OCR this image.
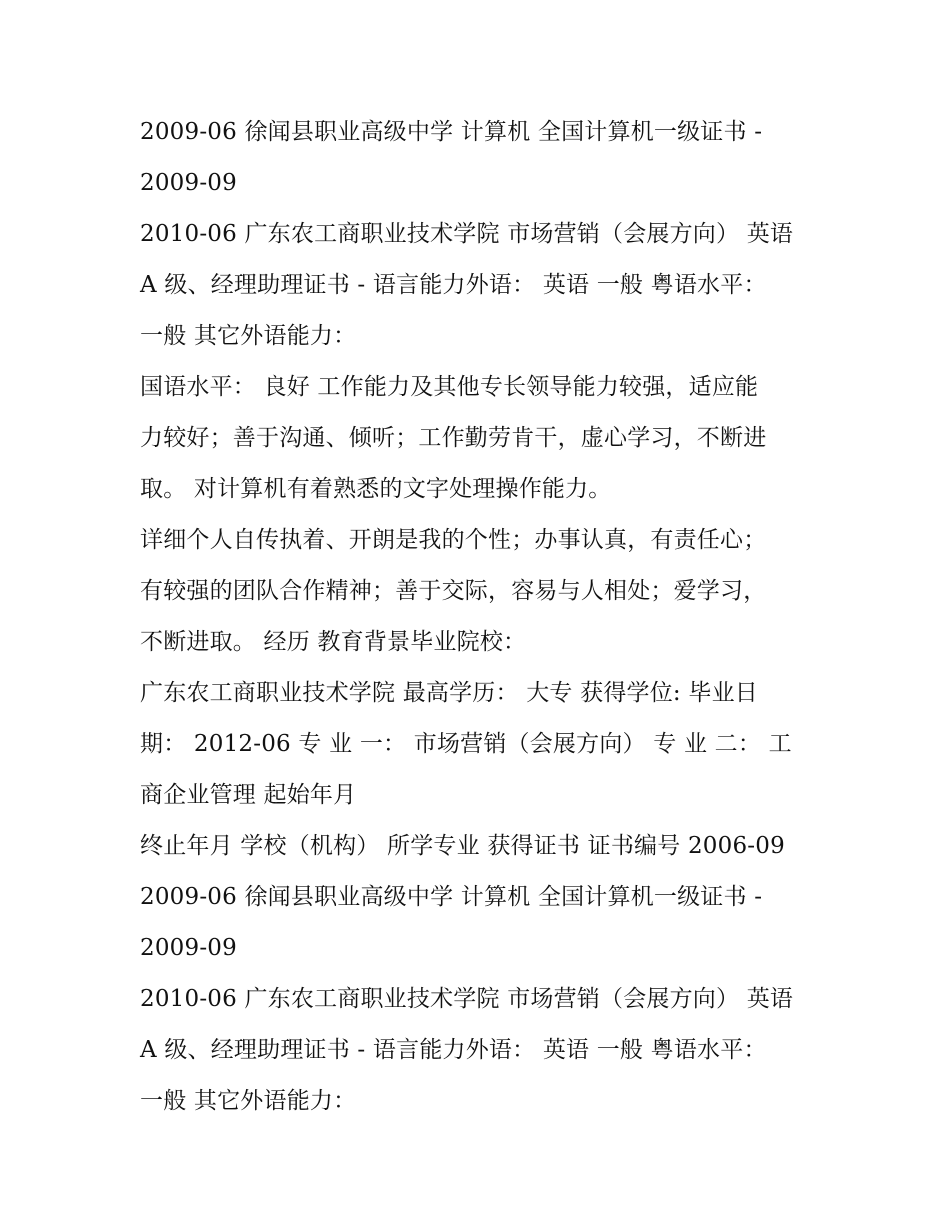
2009-06 徐闻县职业高级中学 计算机 全国计算机一级证书 -
2009-09
2010-06 广东农工商职业技术学院 市场营销（会展方向） 英语
A 级、经理助理证书 - 语言能力外语： 英语 一般 粤语水平：
一般 其它外语能力：
国语水平： 良好 工作能力及其他专长领导能力较强，适应能
力较好；善于沟通、倾听；工作勤劳肯干，虚心学习，不断进
取。 对计算机有着熟悉的文字处理操作能力。
详细个人自传执着、开朗是我的个性；办事认真，有责任心；
有较强的团队合作精神；善于交际，容易与人相处；爱学习，
不断进取。 经历 教育背景毕业院校：
广东农工商职业技术学院 最高学历： 大专 获得学位: 毕业日
期： 2012-06 专 业 一： 市场营销（会展方向） 专 业 二： 工
商企业管理 起始年月
终止年月 学校（机构） 所学专业 获得证书 证书编号 2006-09
2009-06 徐闻县职业高级中学 计算机 全国计算机一级证书 -
2009-09
2010-06 广东农工商职业技术学院 市场营销（会展方向） 英语
A 级、经理助理证书 - 语言能力外语： 英语 一般 粤语水平：
一般 其它外语能力：
